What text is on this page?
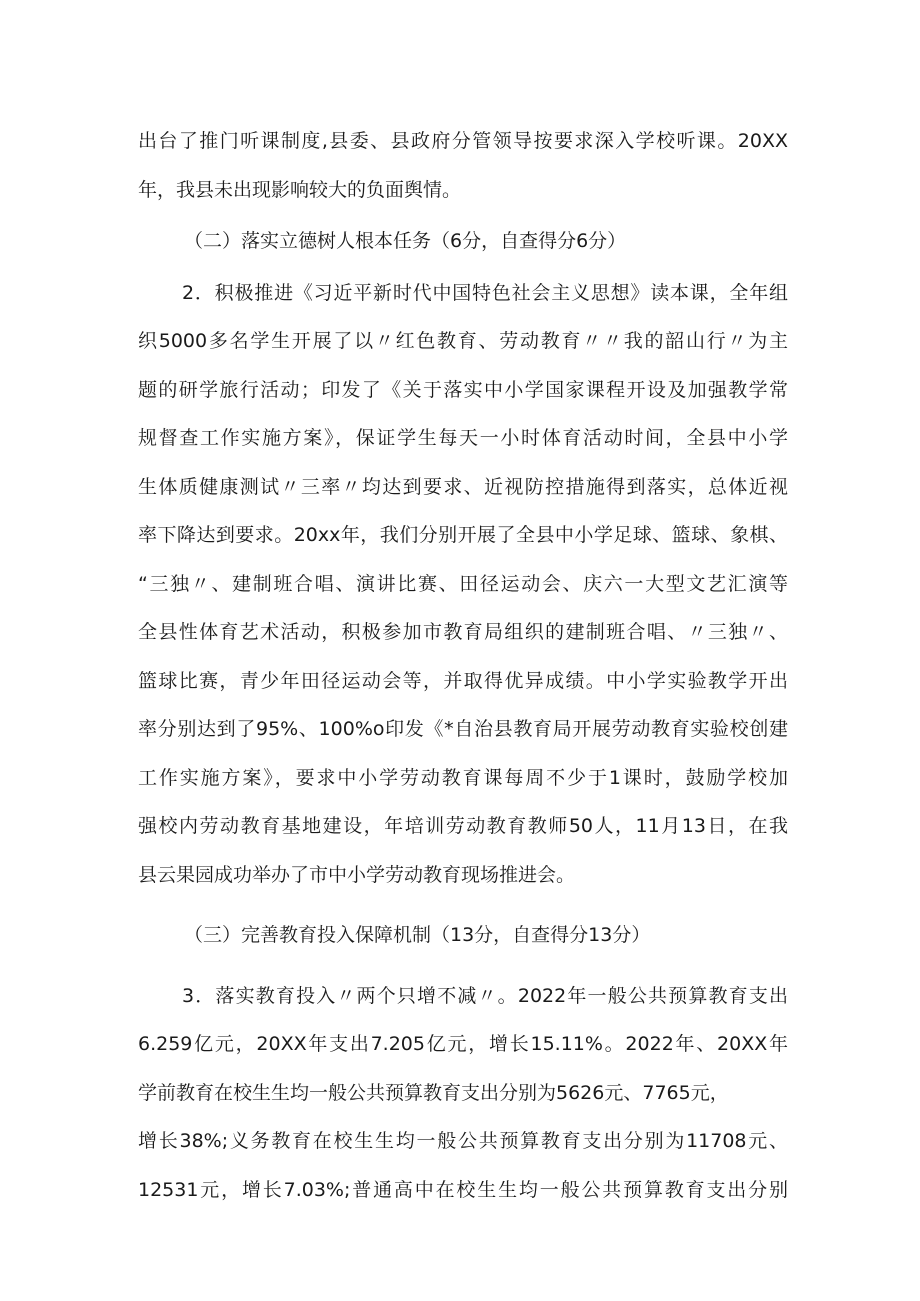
出台了推门听课制度,县委、县政府分管领导按要求深入学校听课。20XX
年，我县未出现影响较大的负面舆情。
（二）落实立德树人根本任务（6分，自查得分6分）
2．积极推进《习近平新时代中国特色社会主义思想》读本课，全年组
织5000多名学生开展了以〃红色教育、劳动教育〃〃我的韶山行〃为主
题的研学旅行活动；印发了《关于落实中小学国家课程开设及加强教学常
规督查工作实施方案》，保证学生每天一小时体育活动时间，全县中小学
生体质健康测试〃三率〃均达到要求、近视防控措施得到落实，总体近视
率下降达到要求。20xx年，我们分别开展了全县中小学足球、篮球、象棋、
“三独〃、建制班合唱、演讲比赛、田径运动会、庆六一大型文艺汇演等
全县性体育艺术活动，积极参加市教育局组织的建制班合唱、〃三独〃、
篮球比赛，青少年田径运动会等，并取得优异成绩。中小学实验教学开出
率分别达到了95%、100%o印发《*自治县教育局开展劳动教育实验校创建
工作实施方案》，要求中小学劳动教育课每周不少于1课时，鼓励学校加
强校内劳动教育基地建设，年培训劳动教育教师50人，11月13日，在我
县云果园成功举办了市中小学劳动教育现场推进会。
（三）完善教育投入保障机制（13分，自查得分13分）
3．落实教育投入〃两个只增不减〃。2022年一般公共预算教育支出
6.259亿元，20XX年支出7.205亿元，增长15.11%。2022年、20XX年
学前教育在校生生均一般公共预算教育支出分别为5626元、7765元，
增长38%;义务教育在校生生均一般公共预算教育支出分别为11708元、
12531元，增长7.03%;普通高中在校生生均一般公共预算教育支出分别
